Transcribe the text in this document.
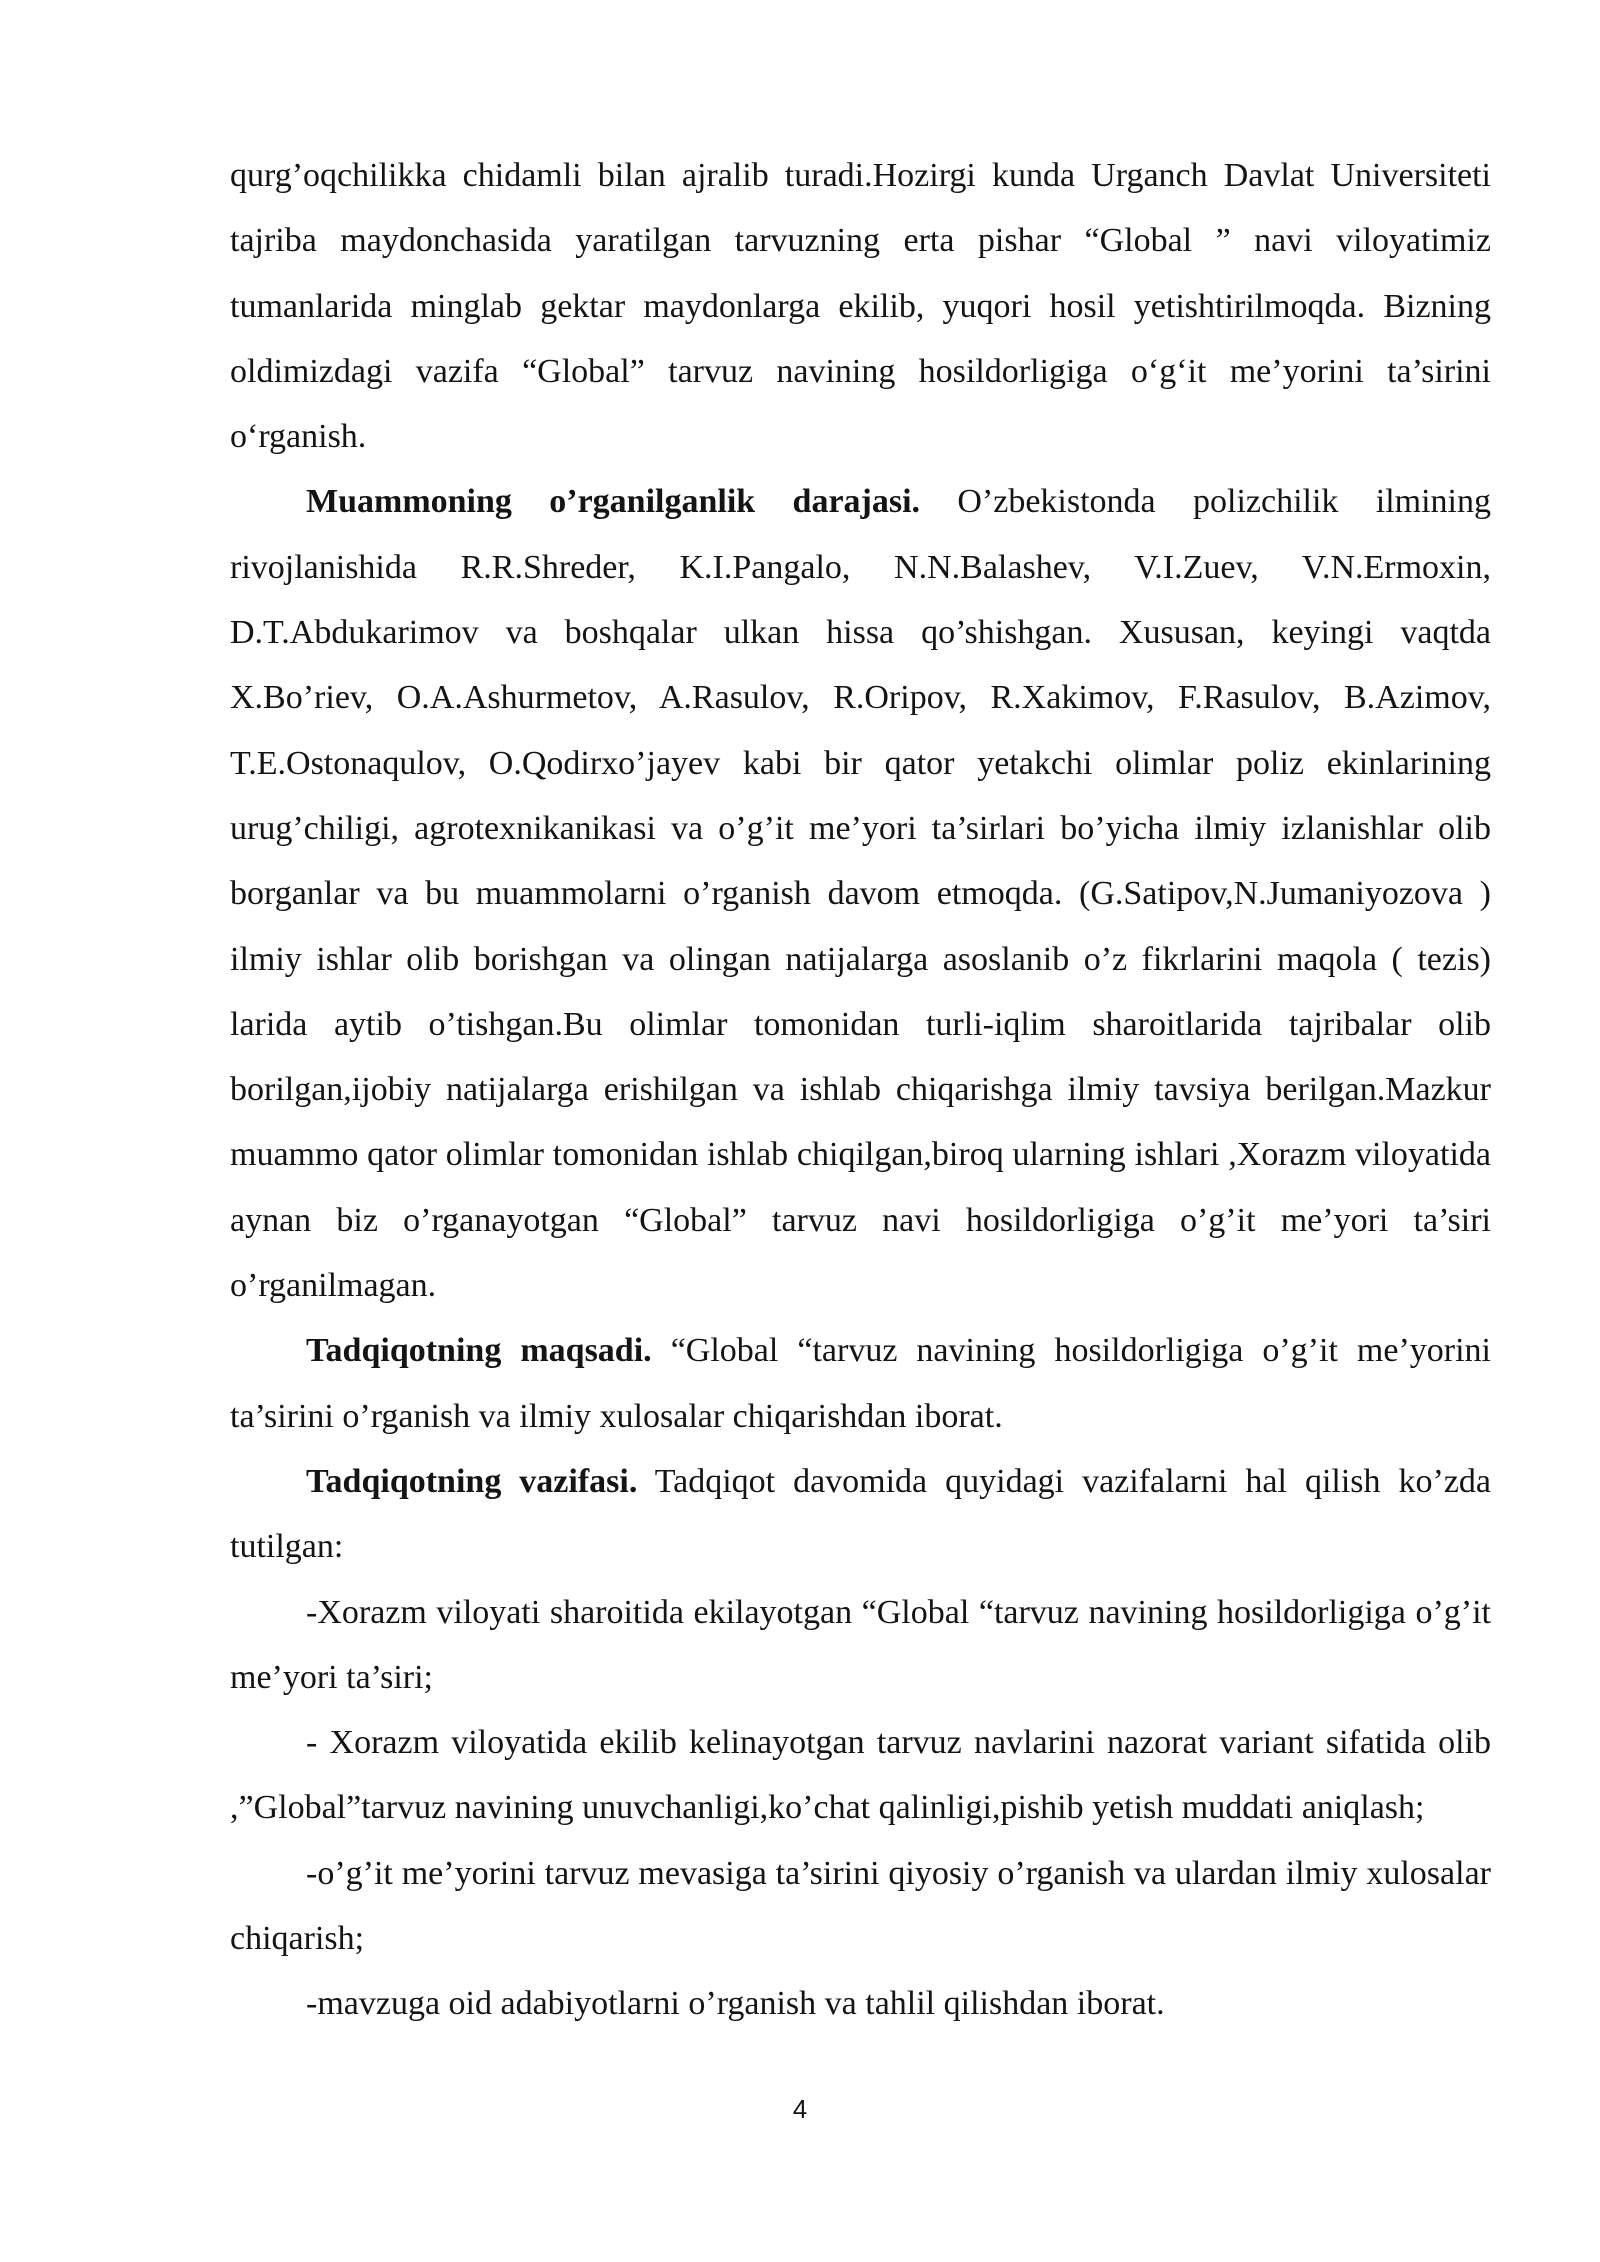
qurg’oqchilikka chidamli bilan ajralib turadi.Hozirgi kunda Urganch Davlat Universiteti tajriba maydonchasida yaratilgan tarvuzning erta pishar “Global ” navi viloyatimiz tumanlarida minglab gektar maydonlarga ekilib, yuqori hosil yetishtirilmoqda. Bizning oldimizdagi vazifa “Global” tarvuz navining hosildorligiga o‘g‘it me’yorini ta’sirini o‘rganish.

Muammoning o’rganilganlik darajasi. O’zbekistonda polizchilik ilmining rivojlanishida R.R.Shreder, K.I.Pangalo, N.N.Balashev, V.I.Zuev, V.N.Ermoxin, D.T.Abdukarimov va boshqalar ulkan hissa qo’shishgan. Xususan, keyingi vaqtda X.Bo’riev, O.A.Ashurmetov, A.Rasulov, R.Oripov, R.Xakimov, F.Rasulov, B.Azimov, T.E.Ostonaqulov, O.Qodirxo’jayev kabi bir qator yetakchi olimlar poliz ekinlarining urug’chiligi, agrotexnikanikasi va o’g’it me’yori ta’sirlari bo’yicha ilmiy izlanishlar olib borganlar va bu muammolarni o’rganish davom etmoqda. (G.Satipov,N.Jumaniyozova ) ilmiy ishlar olib borishgan va olingan natijalarga asoslanib o’z fikrlarini maqola ( tezis) larida aytib o’tishgan.Bu olimlar tomonidan turli-iqlim sharoitlarida tajribalar olib borilgan,ijobiy natijalarga erishilgan va ishlab chiqarishga ilmiy tavsiya berilgan.Mazkur muammo qator olimlar tomonidan ishlab chiqilgan,biroq ularning ishlari ,Xorazm viloyatida aynan biz o’rganayotgan “Global” tarvuz navi hosildorligiga o’g’it me’yori ta’siri o’rganilmagan.

Tadqiqotning maqsadi. “Global “tarvuz navining hosildorligiga o’g’it me’yorini ta’sirini o’rganish va ilmiy xulosalar chiqarishdan iborat.

Tadqiqotning vazifasi. Tadqiqot davomida quyidagi vazifalarni hal qilish ko’zda tutilgan:

-Xorazm viloyati sharoitida ekilayotgan “Global “tarvuz navining hosildorligiga o’g’it me’yori ta’siri;

- Xorazm viloyatida ekilib kelinayotgan tarvuz navlarini nazorat variant sifatida olib ,”Global”tarvuz navining unuvchanligi,ko’chat qalinligi,pishib yetish muddati aniqlash;

-o’g’it me’yorini tarvuz mevasiga ta’sirini qiyosiy o’rganish va ulardan ilmiy xulosalar chiqarish;

-mavzuga oid adabiyotlarni o’rganish va tahlil qilishdan iborat.

4
